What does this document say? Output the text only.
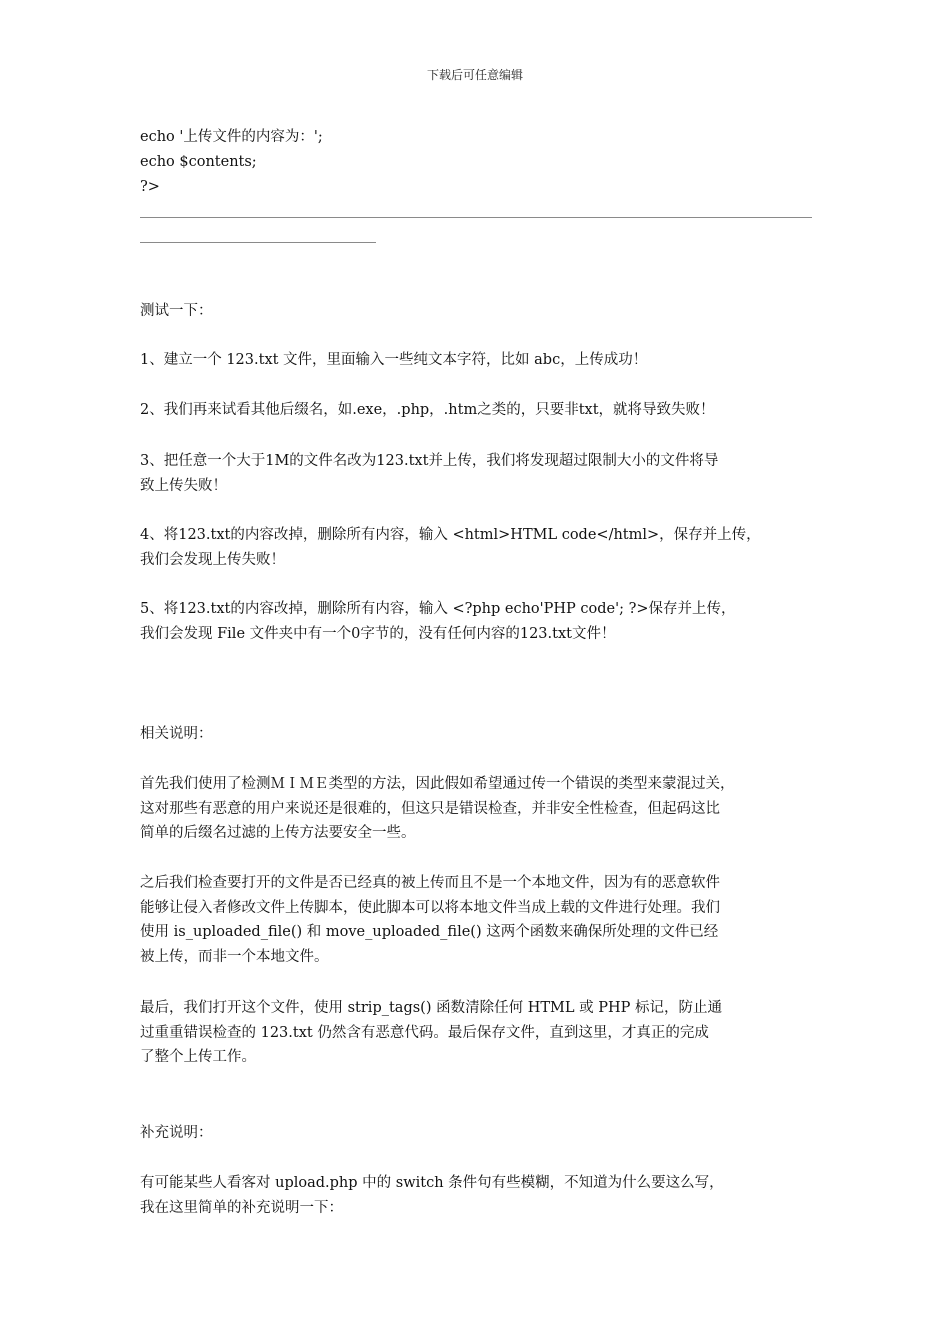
下载后可任意编辑
echo '上传文件的内容为：';
echo $contents;
?>
测试一下：
1、建立一个 123.txt 文件，里面输入一些纯文本字符，比如 abc，上传成功！
2、我们再来试看其他后缀名，如.exe，.php，.htm之类的，只要非txt，就将导致失败！
3、把任意一个大于1M的文件名改为123.txt并上传，我们将发现超过限制大小的文件将导
致上传失败！
4、将123.txt的内容改掉，删除所有内容，输入 <html>HTML code</html>，保存并上传，
我们会发现上传失败！
5、将123.txt的内容改掉，删除所有内容，输入 <?php echo'PHP code'; ?>保存并上传，
我们会发现 File 文件夹中有一个0字节的，没有任何内容的123.txt文件！
相关说明：
首先我们使用了检测ＭＩＭＥ类型的方法，因此假如希望通过传一个错误的类型来蒙混过关，
这对那些有恶意的用户来说还是很难的，但这只是错误检查，并非安全性检查，但起码这比
简单的后缀名过滤的上传方法要安全一些。
之后我们检查要打开的文件是否已经真的被上传而且不是一个本地文件，因为有的恶意软件
能够让侵入者修改文件上传脚本，使此脚本可以将本地文件当成上载的文件进行处理。我们
使用 is_uploaded_file() 和 move_uploaded_file() 这两个函数来确保所处理的文件已经
被上传，而非一个本地文件。
最后，我们打开这个文件，使用 strip_tags() 函数清除任何 HTML 或 PHP 标记，防止通
过重重错误检查的 123.txt 仍然含有恶意代码。最后保存文件，直到这里，才真正的完成
了整个上传工作。
补充说明：
有可能某些人看客对 upload.php 中的 switch 条件句有些模糊，不知道为什么要这么写，
我在这里简单的补充说明一下：
